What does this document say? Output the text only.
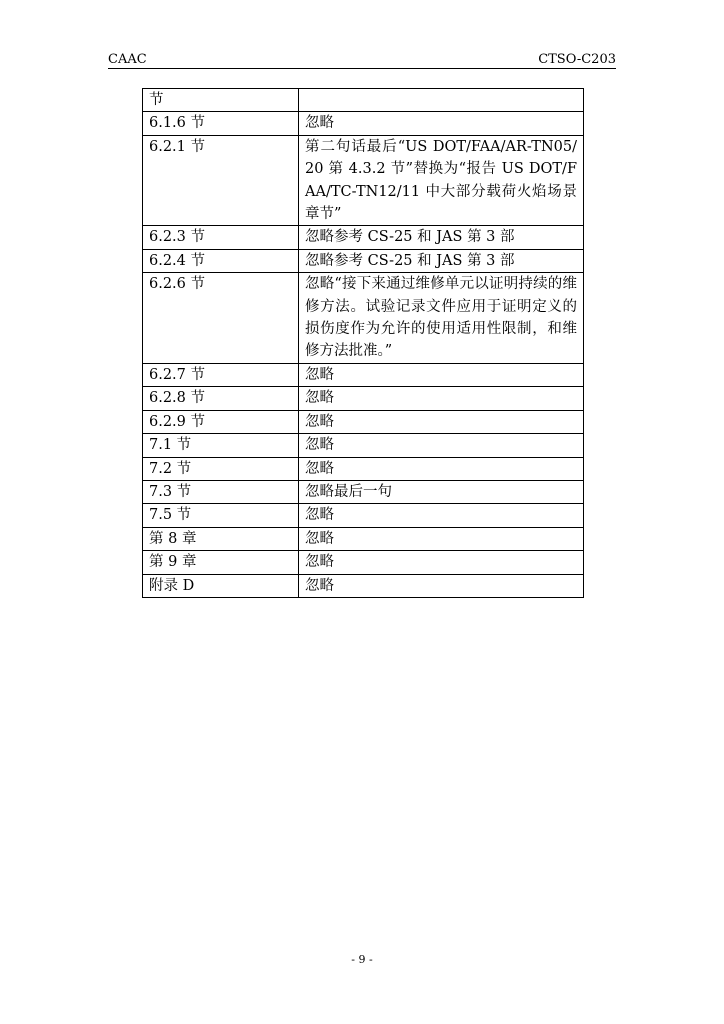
CAAC	CTSO-C203
节	
6.1.6 节	忽略
6.2.1 节	第二句话最后“US DOT/FAA/AR-TN05/20 第 4.3.2 节”替换为“报告 US DOT/FAA/TC-TN12/11 中大部分载荷火焰场景章节”
6.2.3 节	忽略参考 CS-25 和 JAS 第 3 部
6.2.4 节	忽略参考 CS-25 和 JAS 第 3 部
6.2.6 节	忽略“接下来通过维修单元以证明持续的维修方法。试验记录文件应用于证明定义的损伤度作为允许的使用适用性限制，和维修方法批准。”
6.2.7 节	忽略
6.2.8 节	忽略
6.2.9 节	忽略
7.1 节	忽略
7.2 节	忽略
7.3 节	忽略最后一句
7.5 节	忽略
第 8 章	忽略
第 9 章	忽略
附录 D	忽略
- 9 -
